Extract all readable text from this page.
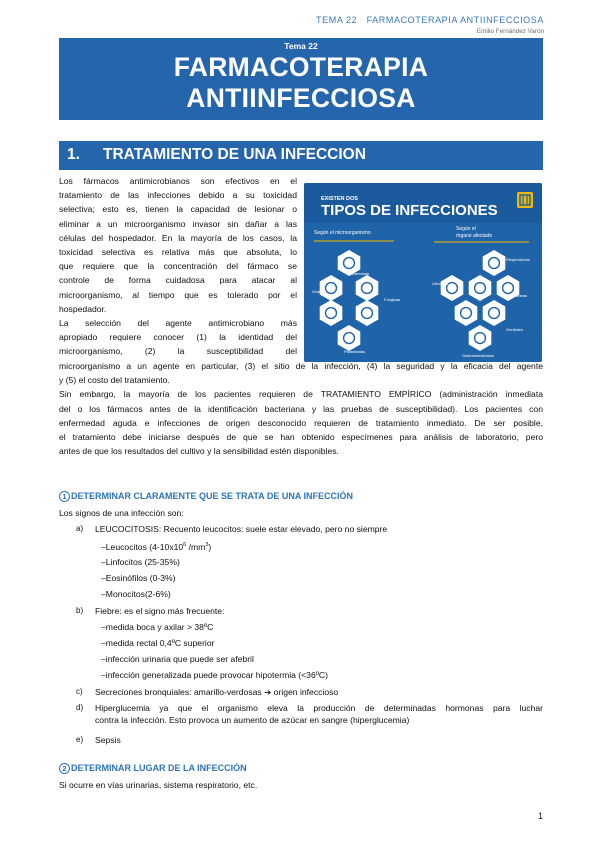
TEMA 22   FARMACOTERAPIA ANTIINFECCIOSA
Emilio Fernández Varón
Tema 22
FARMACOTERAPIA
ANTIINFECCIOSA
1. TRATAMIENTO DE UNA INFECCION
Los fármacos antimicrobianos son efectivos en el
tratamiento de las infecciones debido a su toxicidad
selectiva; esto es, tienen la capacidad de lesionar o
eliminar a un microorganismo invasor sin dañar a las
células del hospedador. En la mayoría de los casos, la
toxicidad selectiva es relativa más que absoluta, lo
que requiere que la concentración del fármaco se
controle de forma cuidadosa para atacar al
microorganismo, al tiempo que es tolerado por el
hospedador.
La selección del agente antimicrobiano más
apropiado requiere conocer (1) la identidad del
microorganismo, (2) la susceptibilidad del
EXISTEN DOS
TIPOS DE INFECCIONES
Según el microorganismo
Según el
órgano afectado
Bacterianas
Virales
Fungicas
Parasitarias
Respiratorias
Urinarias
Cutáneas
Genitales
Gastrointestinales
microorganismo a un agente en particular, (3) el sitio de la infección, (4) la seguridad y la eficacia del agente
y (5) el costo del tratamiento.
Sin embargo, la mayoría de los pacientes requieren de TRATAMIENTO EMPÍRICO (administración inmediata
del o los fármacos antes de la identificación bacteriana y las pruebas de susceptibilidad). Los pacientes con
enfermedad aguda e infecciones de origen desconocido requieren de tratamiento inmediato. De ser posible,
el tratamiento debe iniciarse después de que se han obtenido especímenes para análisis de laboratorio, pero
antes de que los resultados del cultivo y la sensibilidad estén disponibles.
1 DETERMINAR CLARAMENTE QUE SE TRATA DE UNA INFECCIÓN
Los signos de una infección son:
a) LEUCOCITOSIS: Recuento leucocitos: suele estar elevado, pero no siempre
–Leucocitos ($4-10x10^6$ $/mm^3$)
–Linfocitos (25-35%)
–Eosinófilos (0-3%)
–Monocitos(2-6%)
b) Fiebre: es el signo más frecuente:
–medida boca y axilar > 38ºC
–medida rectal 0,4ºC superior
–infección urinaria que puede ser afebril
–infección generalizada puede provocar hipotermia (<36ºC)
c) Secreciones bronquiales: amarillo-verdosas ➔ origen infeccioso
d) Hiperglucemia ya que el organismo eleva la producción de determinadas hormonas para luchar
contra la infección. Esto provoca un aumento de azúcar en sangre (hiperglucemia)
e) Sepsis
2 DETERMINAR LUGAR DE LA INFECCIÓN
Si ocurre en vías urinarias, sistema respiratorio, etc.
1
